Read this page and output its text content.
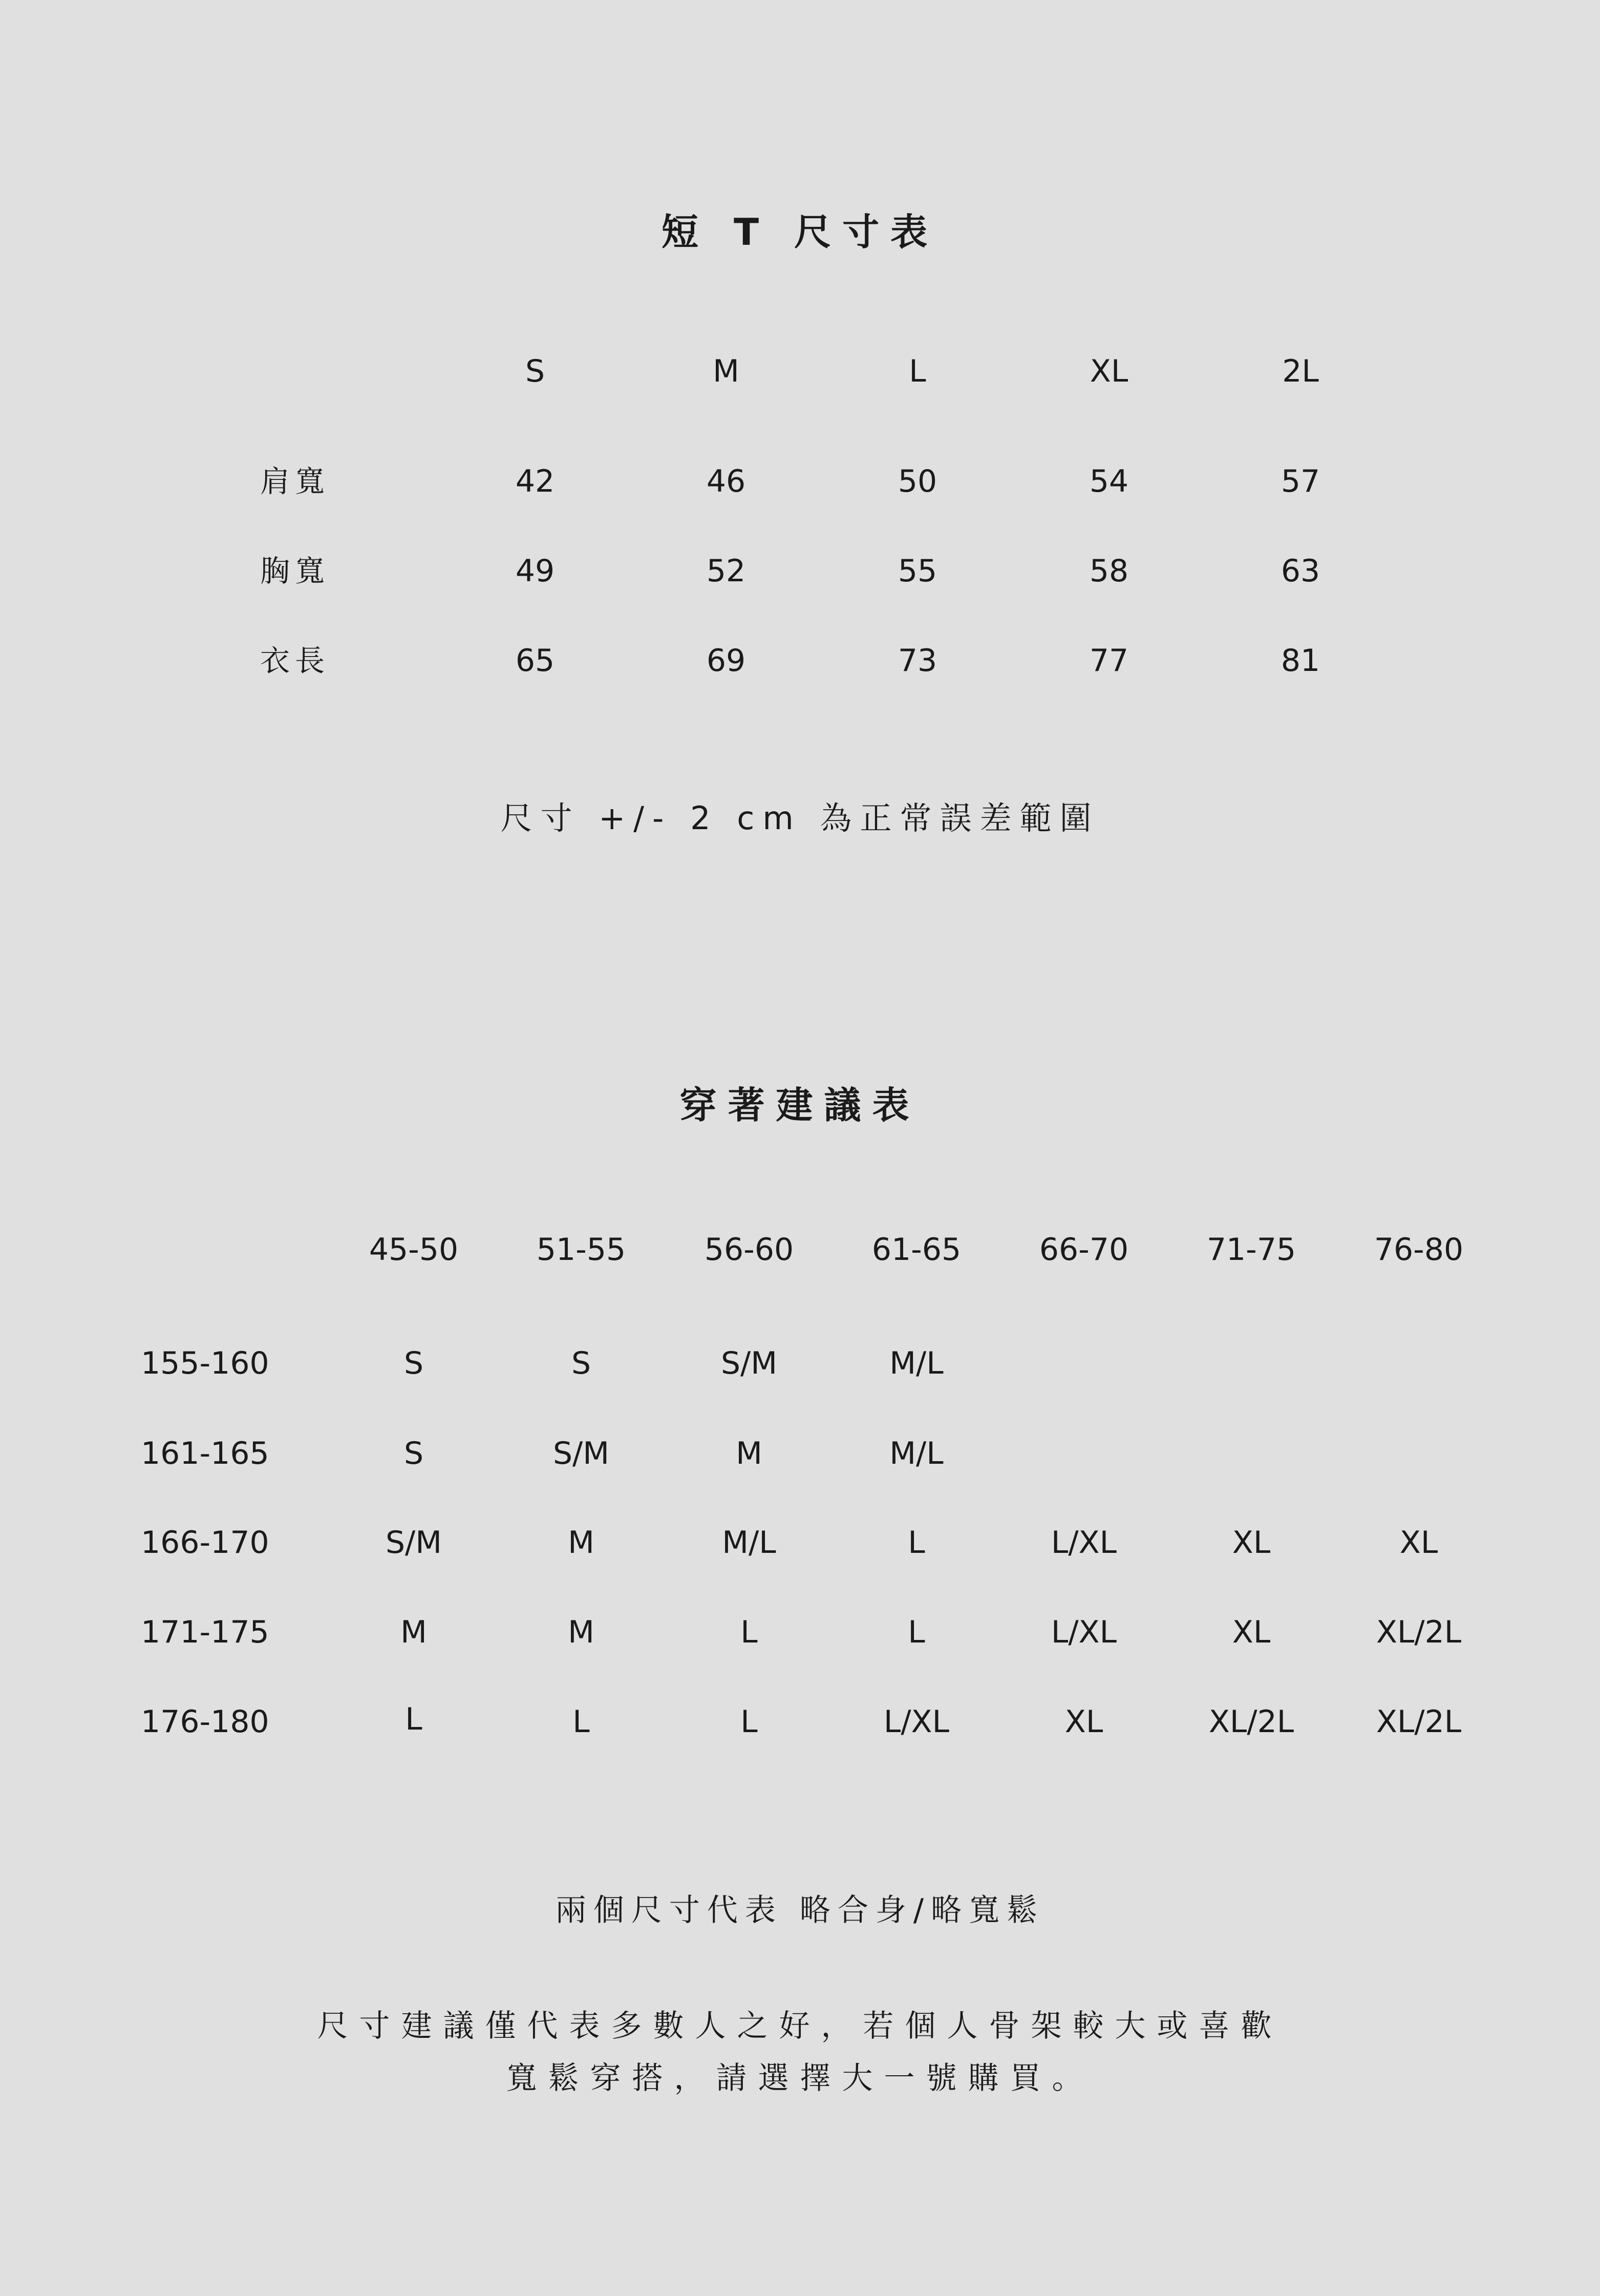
短 T 尺寸表
S	M	L	XL	2L
肩寬	42	46	50	54	57
胸寬	49	52	55	58	63
衣長	65	69	73	77	81
尺寸 +/- 2 cm 為正常誤差範圍
穿著建議表
45-50	51-55	56-60	61-65	66-70	71-75	76-80
155-160	S	S	S/M	M/L
161-165	S	S/M	M	M/L
166-170	S/M	M	M/L	L	L/XL	XL	XL
171-175	M	M	L	L	L/XL	XL	XL/2L
176-180	L	L	L	L/XL	XL	XL/2L	XL/2L
兩個尺寸代表 略合身/略寬鬆
尺寸建議僅代表多數人之好，若個人骨架較大或喜歡
寬鬆穿搭，請選擇大一號購買。
